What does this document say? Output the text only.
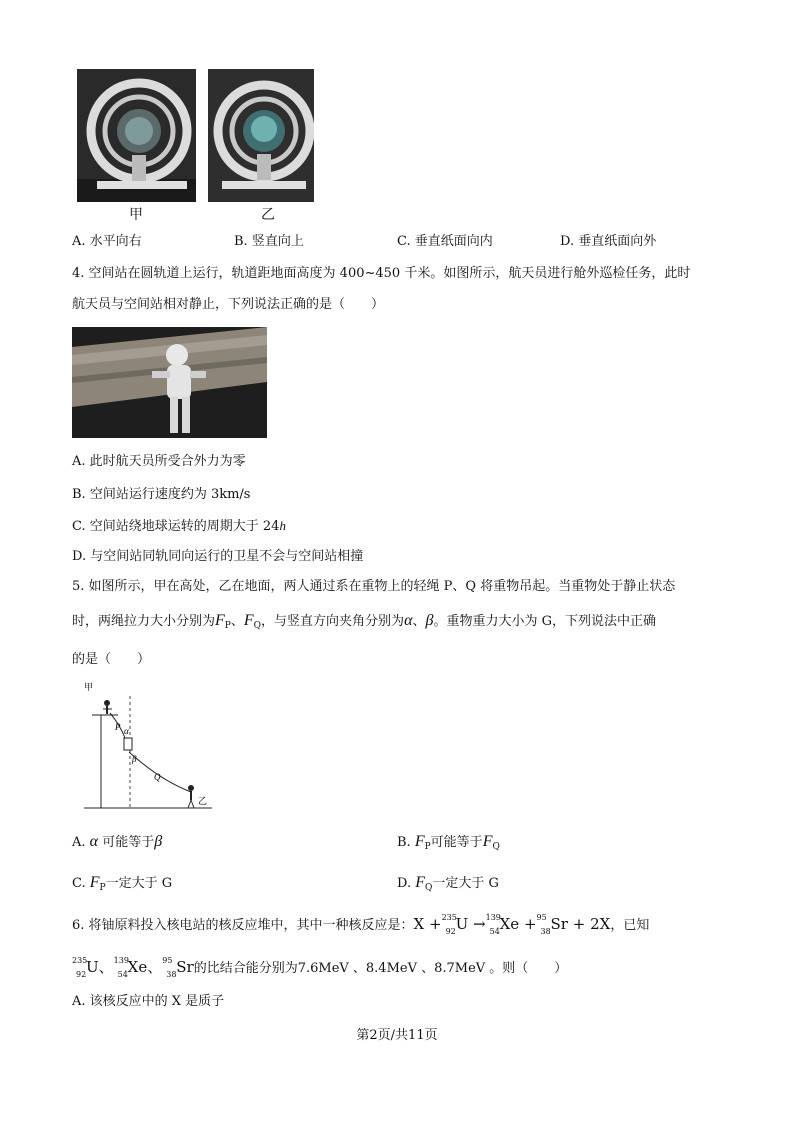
甲	乙
A. 水平向右	B. 竖直向上	C. 垂直纸面向内	D. 垂直纸面向外
4. 空间站在圆轨道上运行，轨道距地面高度为 400~450 千米。如图所示，航天员进行舱外巡检任务，此时
航天员与空间站相对静止，下列说法正确的是（　　）
A. 此时航天员所受合外力为零
B. 空间站运行速度约为 3km/s
C. 空间站绕地球运转的周期大于 24h
D. 与空间站同轨同向运行的卫星不会与空间站相撞
5. 如图所示，甲在高处，乙在地面，两人通过系在重物上的轻绳 P、Q 将重物吊起。当重物处于静止状态
时，两绳拉力大小分别为$F_P$、$F_Q$，与竖直方向夹角分别为α、β。重物重力大小为 G，下列说法中正确
的是（　　）
甲
P α
β
Q
乙
A. α 可能等于β	B. $F_P$可能等于$F_Q$
C. $F_P$一定大于 G	D. $F_Q$一定大于 G
6. 将铀原料投入核电站的核反应堆中，其中一种核反应是：X + 235
92 U → 139
54 Xe + 95
38 Sr + 2X，已知
235
92 U、 139
54 Xe、 95
38 Sr的比结合能分别为7.6MeV 、8.4MeV 、8.7MeV 。则（　　）
A. 该核反应中的 X 是质子
第2页/共11页
